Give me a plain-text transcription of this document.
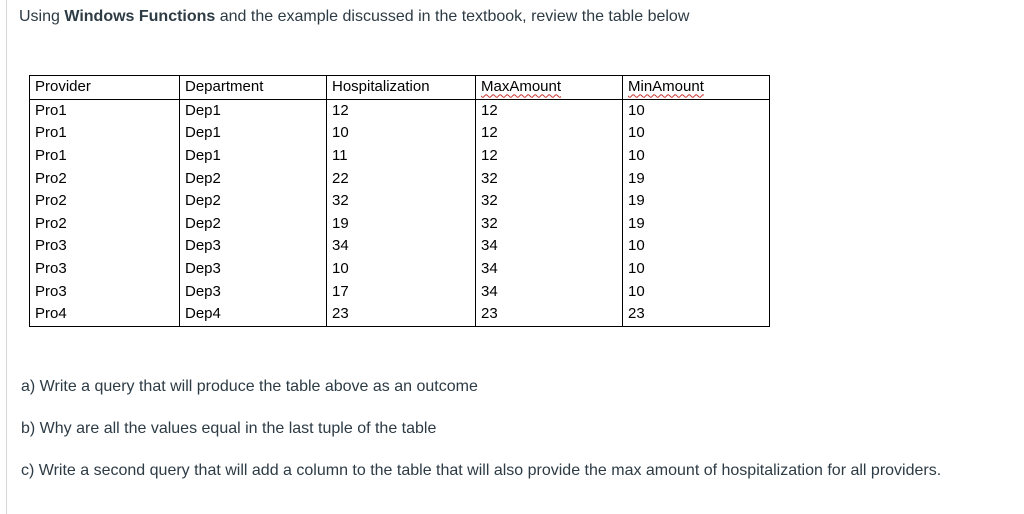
Using Windows Functions and the example discussed in the textbook, review the table below
Provider	Department	Hospitalization	MaxAmount	MinAmount
Pro1	Dep1	12	12	10
Pro1	Dep1	10	12	10
Pro1	Dep1	11	12	10
Pro2	Dep2	22	32	19
Pro2	Dep2	32	32	19
Pro2	Dep2	19	32	19
Pro3	Dep3	34	34	10
Pro3	Dep3	10	34	10
Pro3	Dep3	17	34	10
Pro4	Dep4	23	23	23
a) Write a query that will produce the table above as an outcome
b) Why are all the values equal in the last tuple of the table
c) Write a second query that will add a column to the table that will also provide the max amount of hospitalization for all providers.
